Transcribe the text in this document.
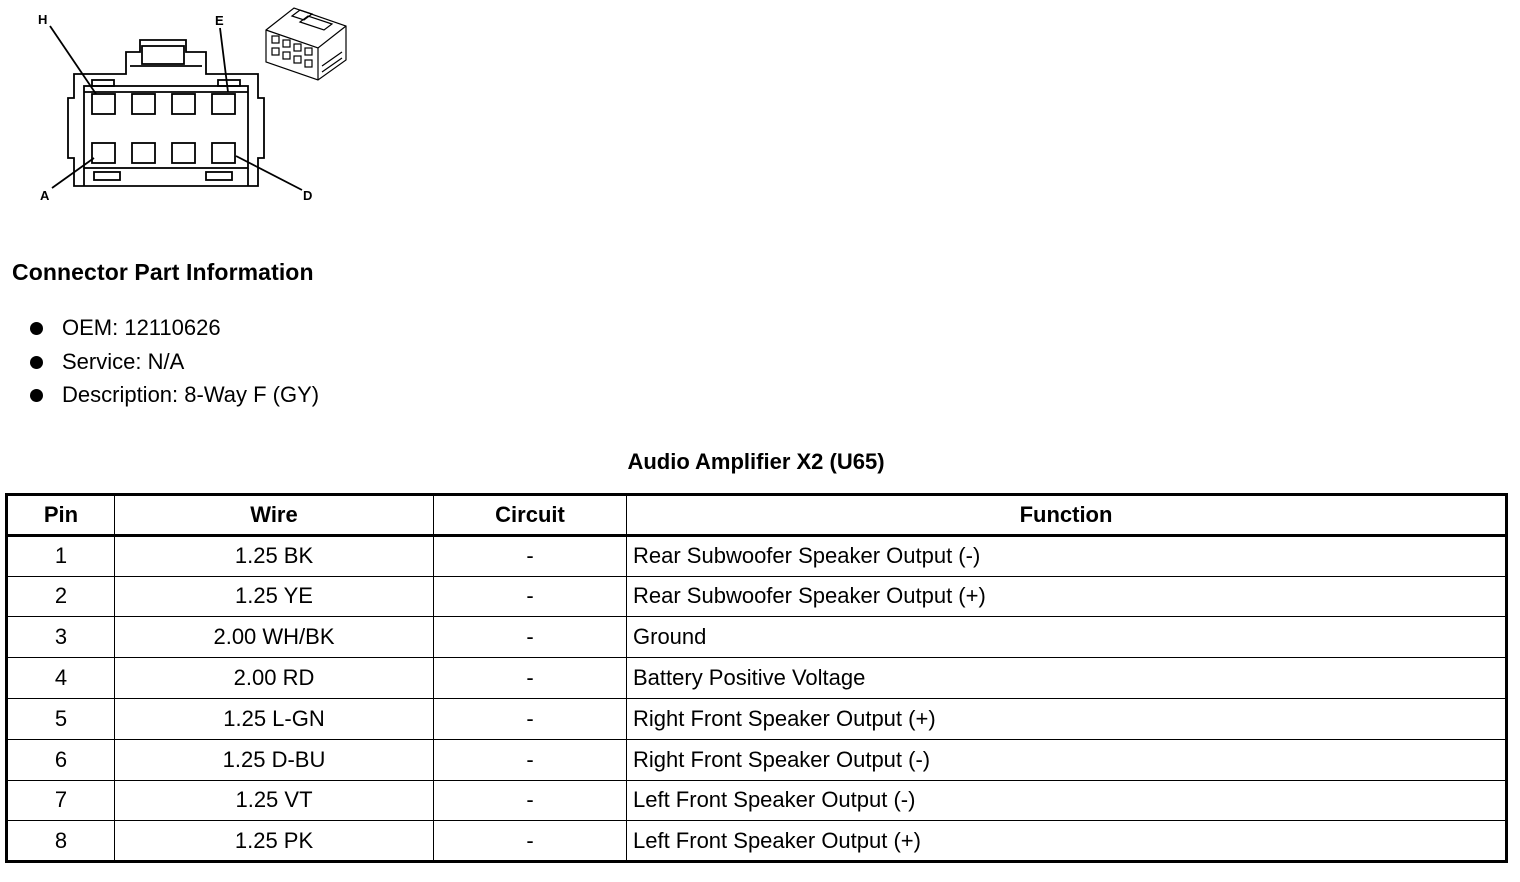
H	E
A	D
Connector Part Information
OEM: 12110626
Service: N/A
Description: 8-Way F (GY)
Audio Amplifier X2 (U65)
Pin	Wire	Circuit	Function
1	1.25 BK	-	Rear Subwoofer Speaker Output (-)
2	1.25 YE	-	Rear Subwoofer Speaker Output (+)
3	2.00 WH/BK	-	Ground
4	2.00 RD	-	Battery Positive Voltage
5	1.25 L-GN	-	Right Front Speaker Output (+)
6	1.25 D-BU	-	Right Front Speaker Output (-)
7	1.25 VT	-	Left Front Speaker Output (-)
8	1.25 PK	-	Left Front Speaker Output (+)
